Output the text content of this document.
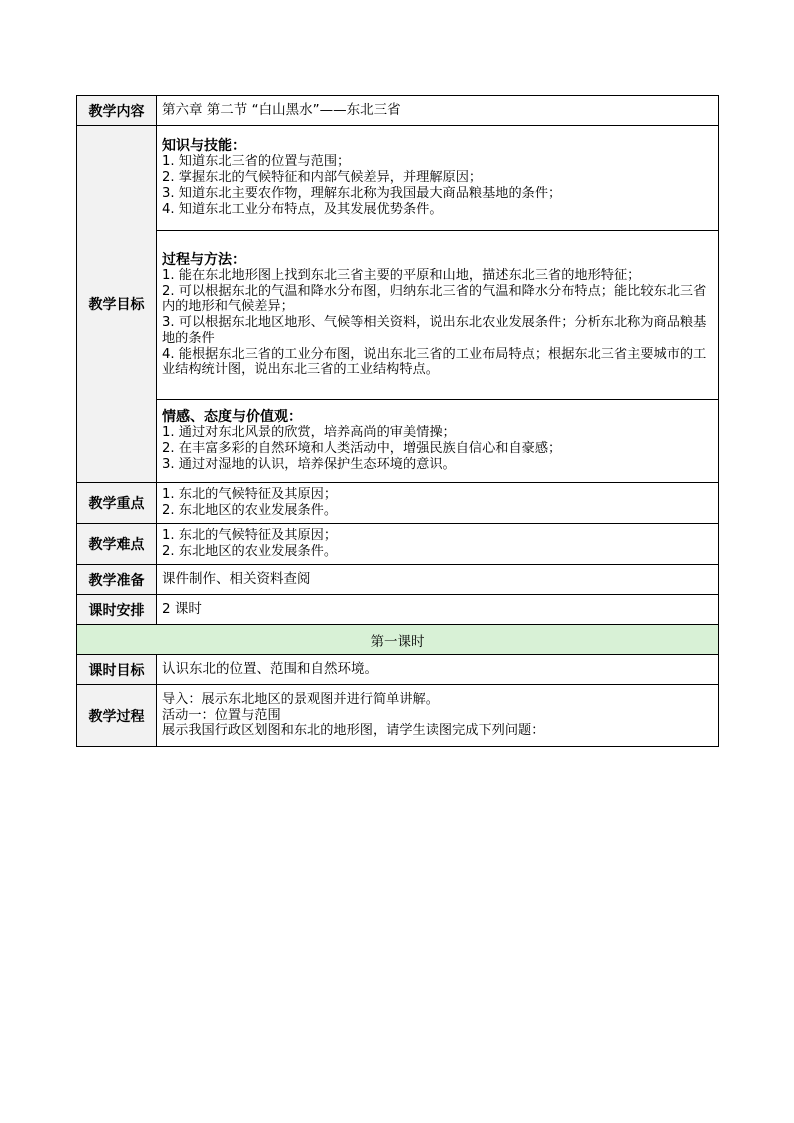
教学内容	第六章 第二节 “白山黑水”——东北三省
教学目标	知识与技能：
1. 知道东北三省的位置与范围；
2. 掌握东北的气候特征和内部气候差异，并理解原因；
3. 知道东北主要农作物，理解东北称为我国最大商品粮基地的条件；
4. 知道东北工业分布特点，及其发展优势条件。

	过程与方法：
1. 能在东北地形图上找到东北三省主要的平原和山地，描述东北三省的地形特征；
2. 可以根据东北的气温和降水分布图，归纳东北三省的气温和降水分布特点；能比较东北三省内的地形和气候差异；
3. 可以根据东北地区地形、气候等相关资料，说出东北农业发展条件；分析东北称为商品粮基地的条件
4. 能根据东北三省的工业分布图，说出东北三省的工业布局特点；根据东北三省主要城市的工业结构统计图，说出东北三省的工业结构特点。

	情感、态度与价值观：
1. 通过对东北风景的欣赏，培养高尚的审美情操；
2. 在丰富多彩的自然环境和人类活动中，增强民族自信心和自豪感；
3. 通过对湿地的认识，培养保护生态环境的意识。

教学重点	1. 东北的气候特征及其原因；
2. 东北地区的农业发展条件。

教学难点	1. 东北的气候特征及其原因；
2. 东北地区的农业发展条件。

教学准备	课件制作、相关资料查阅
课时安排	2 课时
第一课时	
课时目标	认识东北的位置、范围和自然环境。
教学过程	导入：展示东北地区的景观图并进行简单讲解。
活动一：位置与范围
展示我国行政区划图和东北的地形图，请学生读图完成下列问题：
